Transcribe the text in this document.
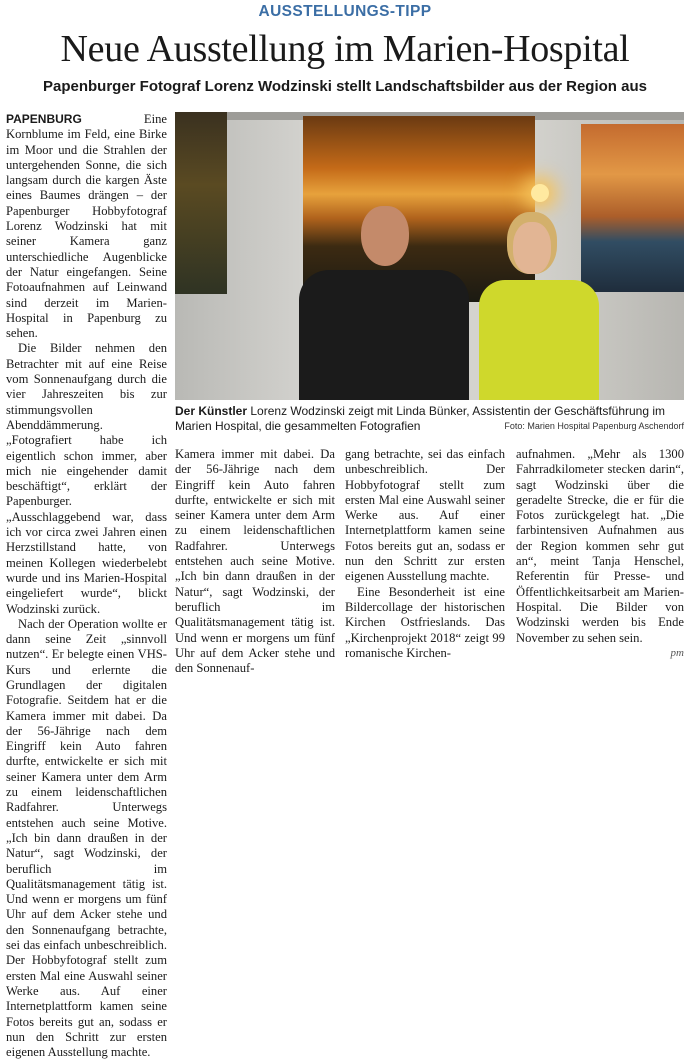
AUSSTELLUNGS-TIPP
Neue Ausstellung im Marien-Hospital
Papenburger Fotograf Lorenz Wodzinski stellt Landschaftsbilder aus der Region aus

PAPENBURG	Eine Kornblume im Feld, eine Birke im Moor und die Strahlen der untergehenden Sonne, die sich langsam durch die kargen Äste eines Baumes drängen – der Papenburger Hobbyfotograf Lorenz Wodzinski hat mit seiner Kamera ganz unterschiedliche Augenblicke der Natur eingefangen. Seine Fotoaufnahmen auf Leinwand sind derzeit im Marien-Hospital in Papenburg zu sehen.

Die Bilder nehmen den Betrachter mit auf eine Reise vom Sonnenaufgang durch die vier Jahreszeiten bis zur stimmungsvollen Abenddämmerung. „Fotografiert habe ich eigentlich schon immer, aber mich nie eingehender damit beschäftigt“, erklärt der Papenburger. „Ausschlaggebend war, dass ich vor circa zwei Jahren einen Herzstillstand hatte, von meinen Kollegen wiederbelebt wurde und ins Marien-Hospital eingeliefert wurde“, blickt Wodzinski zurück.

Nach der Operation wollte er dann seine Zeit „sinnvoll nutzen“. Er belegte einen VHS-Kurs und erlernte die Grundlagen der digitalen Fotografie. Seitdem hat er die Kamera immer mit dabei. Da der 56-Jährige nach dem Eingriff kein Auto fahren durfte, entwickelte er sich mit seiner Kamera unter dem Arm zu einem leidenschaftlichen Radfahrer. Unterwegs entstehen auch seine Motive. „Ich bin dann draußen in der Natur“, sagt Wodzinski, der beruflich im Qualitätsmanagement tätig ist. Und wenn er morgens um fünf Uhr auf dem Acker stehe und den Sonnenaufgang betrachte, sei das einfach unbeschreiblich. Der Hobbyfotograf stellt zum ersten Mal eine Auswahl seiner Werke aus. Auf einer Internetplattform kamen seine Fotos bereits gut an, sodass er nun den Schritt zur ersten eigenen Ausstellung machte.

Der Künstler Lorenz Wodzinski zeigt mit Linda Bünker, Assistentin der Geschäftsführung im Marien Hospital, die gesammelten Fotografien	Foto: Marien Hospital Papenburg Aschendorf

Kamera immer mit dabei. Da der 56-Jährige nach dem Eingriff kein Auto fahren durfte, entwickelte er sich mit seiner Kamera unter dem Arm zu einem leidenschaftlichen Radfahrer. Unterwegs entstehen auch seine Motive. „Ich bin dann draußen in der Natur“, sagt Wodzinski, der beruflich im Qualitätsmanagement tätig ist. Und wenn er morgens um fünf Uhr auf dem Acker stehe und den Sonnenauf-

gang betrachte, sei das einfach unbeschreiblich. Der Hobbyfotograf stellt zum ersten Mal eine Auswahl seiner Werke aus. Auf einer Internetplattform kamen seine Fotos bereits gut an, sodass er nun den Schritt zur ersten eigenen Ausstellung machte.

Eine Besonderheit ist eine Bildercollage der historischen Kirchen Ostfrieslands. Das „Kirchenprojekt 2018“ zeigt 99 romanische Kirchen-

aufnahmen. „Mehr als 1300 Fahrradkilometer stecken darin“, sagt Wodzinski über die geradelte Strecke, die er für die Fotos zurückgelegt hat. „Die farbintensiven Aufnahmen aus der Region kommen sehr gut an“, meint Tanja Henschel, Referentin für Presse- und Öffentlichkeitsarbeit am Marien-Hospital. Die Bilder von Wodzinski werden bis Ende November zu sehen sein.

pm
